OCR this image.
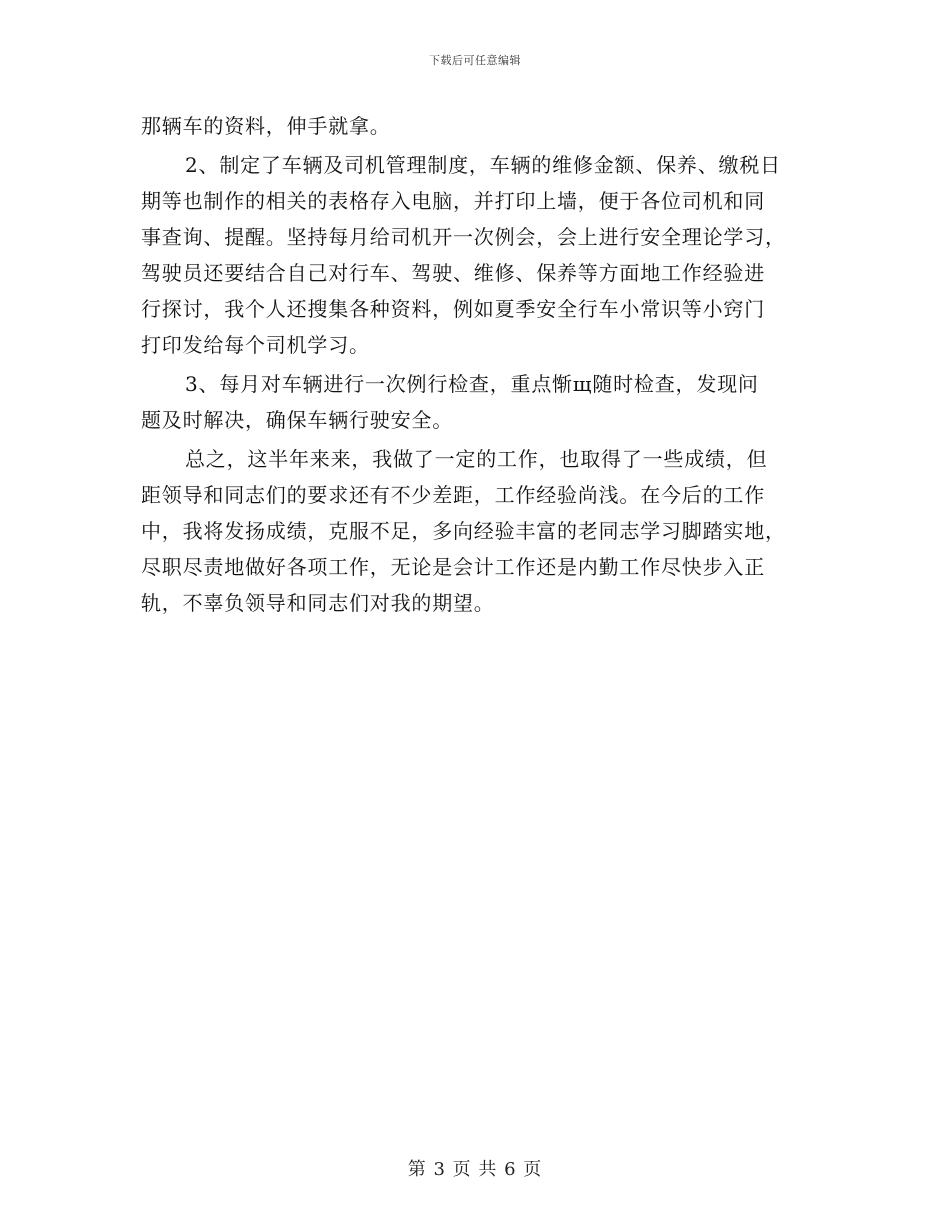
下载后可任意编辑
那辆车的资料，伸手就拿。
2、制定了车辆及司机管理制度，车辆的维修金额、保养、缴税日
期等也制作的相关的表格存入电脑，并打印上墙，便于各位司机和同
事查询、提醒。坚持每月给司机开一次例会，会上进行安全理论学习，
驾驶员还要结合自己对行车、驾驶、维修、保养等方面地工作经验进
行探讨，我个人还搜集各种资料，例如夏季安全行车小常识等小窍门
打印发给每个司机学习。
3、每月对车辆进行一次例行检查，重点惭щ随时检查，发现问
题及时解决，确保车辆行驶安全。
总之，这半年来来，我做了一定的工作，也取得了一些成绩，但
距领导和同志们的要求还有不少差距，工作经验尚浅。在今后的工作
中，我将发扬成绩，克服不足，多向经验丰富的老同志学习脚踏实地，
尽职尽责地做好各项工作，无论是会计工作还是内勤工作尽快步入正
轨，不辜负领导和同志们对我的期望。
第 3 页 共 6 页
